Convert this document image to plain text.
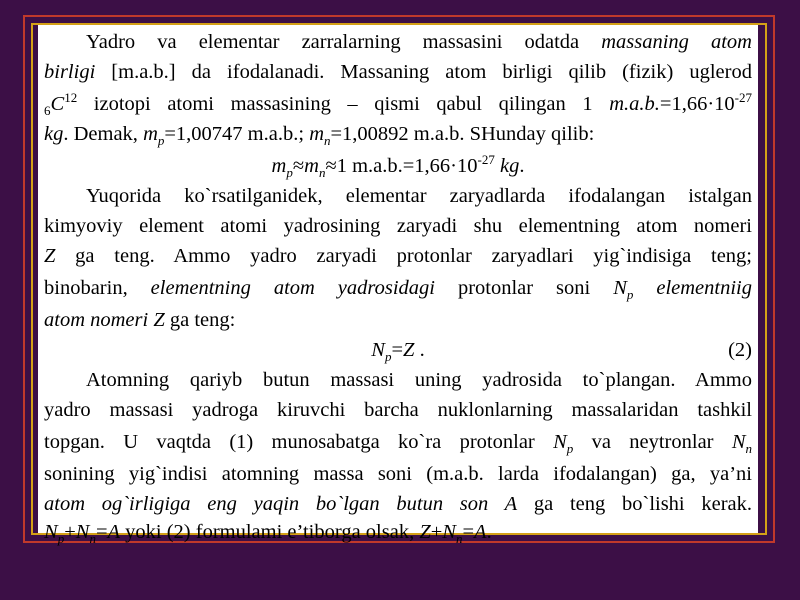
Yadro va elementar zarralarning massasini odatda massaning atom
birligi [m.a.b.] da ifodalanadi. Massaning atom birligi qilib (fizik) uglerod
$_6C^{12}$ izotopi atomi massasining – qismi qabul qilingan 1 $m.a.b.=1,66\cdot 10^{-27}$
kg. Demak, $m_p=1,00747$ m.a.b.; $m_n=1,00892$ m.a.b. SHunday qilib:
$m_p\approx m_n\approx 1$ $m.a.b.=1,66\cdot 10^{-27}$ kg.
Yuqorida ko`rsatilganidek, elementar zaryadlarda ifodalangan istalgan
kimyoviy element atomi yadrosining zaryadi shu elementning atom nomeri
Z ga teng. Ammo yadro zaryadi protonlar zaryadlari yig`indisiga teng;
binobarin, elementning atom yadrosidagi protonlar soni $N_p$ elementniig
atom nomeri Z ga teng:
$N_p=Z$ .	(2)
Atomning qariyb butun massasi uning yadrosida to`plangan. Ammo
yadro massasi yadroga kiruvchi barcha nuklonlarning massalaridan tashkil
topgan. U vaqtda (1) munosabatga ko`ra protonlar $N_p$ va neytronlar $N_n$
sonining yig`indisi atomning massa soni (m.a.b. larda ifodalangan) ga, ya’ni
atom og`irligiga eng yaqin bo`lgan butun son A ga teng bo`lishi kerak.
$N_p+N_n=A$ yoki (2) formulami e’tiborga olsak, $Z+N_n=A$.
